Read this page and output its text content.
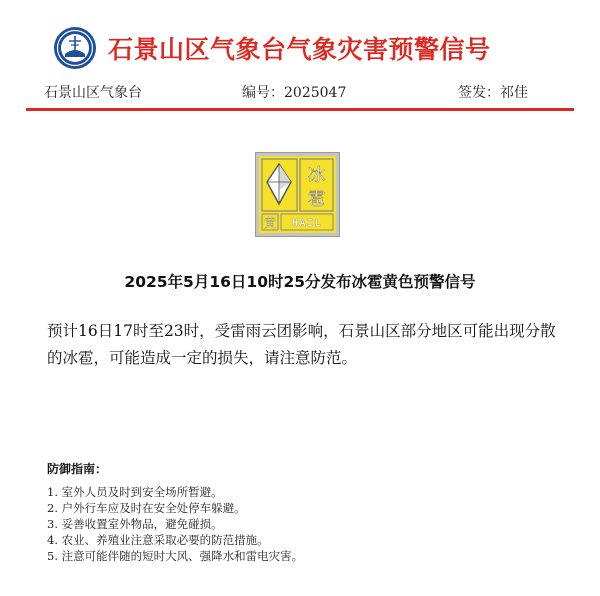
石景山区气象台气象灾害预警信号
石景山区气象台	编号：2025047	签发：祁佳
冰
雹
黄 HAIL
2025年5月16日10时25分发布冰雹黄色预警信号
预计16日17时至23时，受雷雨云团影响，石景山区部分地区可能出现分散的冰雹，可能造成一定的损失，请注意防范。
防御指南：
1. 室外人员及时到安全场所暂避。
2. 户外行车应及时在安全处停车躲避。
3. 妥善收置室外物品，避免碰损。
4. 农业、养殖业注意采取必要的防范措施。
5. 注意可能伴随的短时大风、强降水和雷电灾害。
